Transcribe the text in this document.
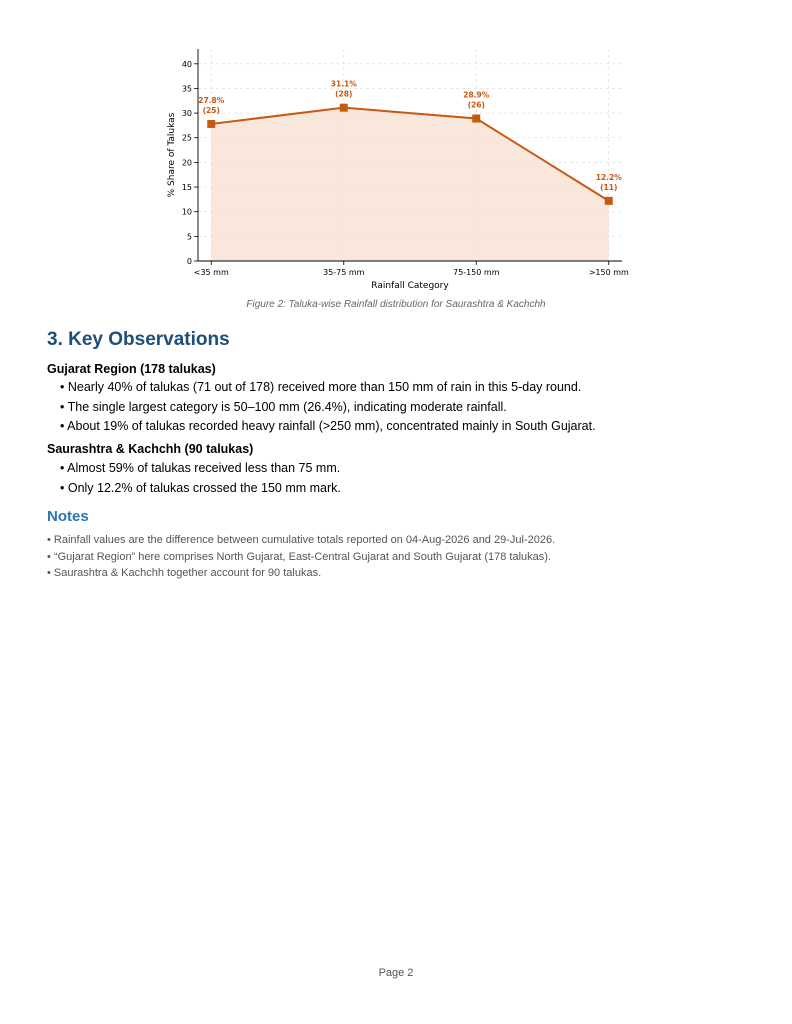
0
5
10
15
20
25
30
35
40
<35 mm	35-75 mm	75-150 mm	>150 mm
27.8%
(25)
31.1%
(28)	28.9%
(26)
12.2%
(11)
Rainfall Category
% Share of Talukas
Figure 2: Taluka-wise Rainfall distribution for Saurashtra & Kachchh
3. Key Observations
Gujarat Region (178 talukas)
• Nearly 40% of talukas (71 out of 178) received more than 150 mm of rain in this 5-day round.
• The single largest category is 50–100 mm (26.4%), indicating moderate rainfall.
• About 19% of talukas recorded heavy rainfall (>250 mm), concentrated mainly in South Gujarat.
Saurashtra & Kachchh (90 talukas)
• Almost 59% of talukas received less than 75 mm.
• Only 12.2% of talukas crossed the 150 mm mark.
Notes
• Rainfall values are the difference between cumulative totals reported on 04-Aug-2026 and 29-Jul-2026.
• “Gujarat Region” here comprises North Gujarat, East-Central Gujarat and South Gujarat (178 talukas).
• Saurashtra & Kachchh together account for 90 talukas.
Page 2
